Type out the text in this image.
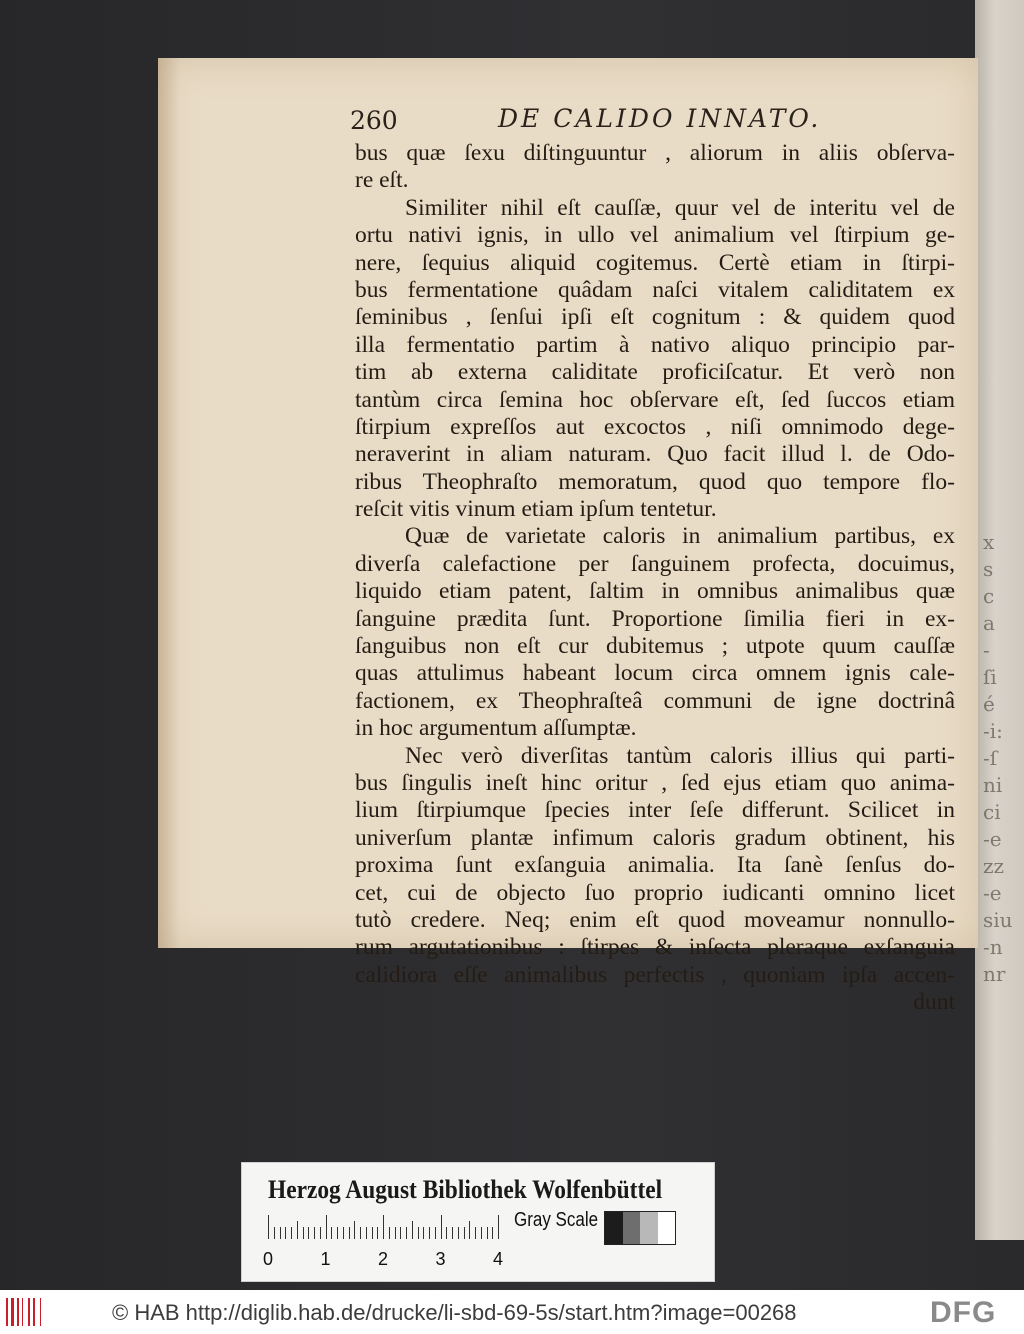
x
s
c
a
-
ſi
é
-i:
-ſ
ni
ci
-e
zz
-e
siu
-n
nr
260	DE CALIDO INNATO.
bus quæ ſexu diſtinguuntur , aliorum in aliis obſerva-
re eſt.
Similiter nihil eſt cauſſæ, quur vel de interitu vel de
ortu nativi ignis, in ullo vel animalium vel ſtirpium ge-
nere, ſequius aliquid cogitemus. Certè etiam in ſtirpi-
bus fermentatione quâdam naſci vitalem caliditatem ex
ſeminibus , ſenſui ipſi eſt cognitum : & quidem quod
illa fermentatio partim à nativo aliquo principio par-
tim ab externa caliditate proficiſcatur. Et verò non
tantùm circa ſemina hoc obſervare eſt, ſed ſuccos etiam
ſtirpium expreſſos aut excoctos , niſi omnimodo dege-
neraverint in aliam naturam. Quo facit illud l. de Odo-
ribus Theophraſto memoratum, quod quo tempore flo-
reſcit vitis vinum etiam ipſum tentetur.
Quæ de varietate caloris in animalium partibus, ex
diverſa calefactione per ſanguinem profecta, docuimus,
liquido etiam patent, ſaltim in omnibus animalibus quæ
ſanguine prædita ſunt. Proportione ſimilia fieri in ex-
ſanguibus non eſt cur dubitemus ; utpote quum cauſſæ
quas attulimus habeant locum circa omnem ignis cale-
factionem, ex Theophraſteâ communi de igne doctrinâ
in hoc argumentum aſſumptæ.
Nec verò diverſitas tantùm caloris illius qui parti-
bus ſingulis ineſt hinc oritur , ſed ejus etiam quo anima-
lium ſtirpiumque ſpecies inter ſeſe differunt. Scilicet in
univerſum plantæ infimum caloris gradum obtinent, his
proxima ſunt exſanguia animalia. Ita ſanè ſenſus do-
cet, cui de objecto ſuo proprio iudicanti omnino licet
tutò credere. Neq; enim eſt quod moveamur nonnullo-
rum argutationibus : ſtirpes & inſecta pleraque exſanguia
calidiora eſſe animalibus perfectis , quoniam ipſa accen-
dunt
Herzog August Bibliothek Wolfenbüttel
0	1	2	3	4
Gray Scale
© HAB http://diglib.hab.de/drucke/li-sbd-69-5s/start.htm?image=00268	DFG
